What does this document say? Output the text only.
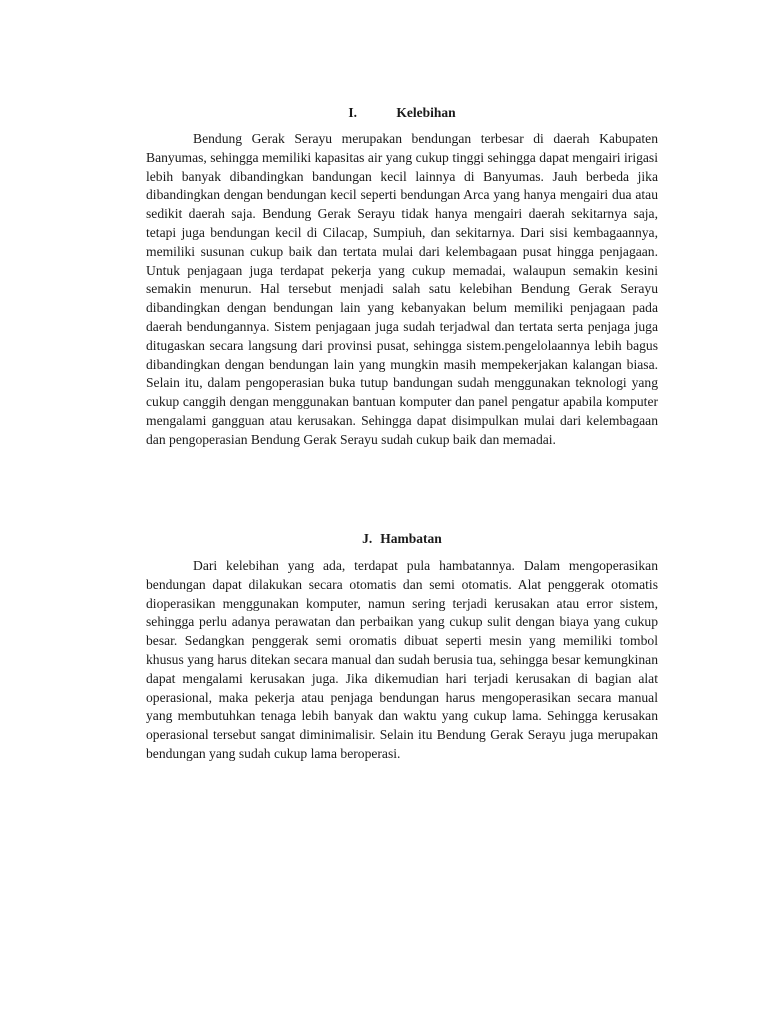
I.	Kelebihan

Bendung Gerak Serayu merupakan bendungan terbesar di daerah Kabupaten Banyumas, sehingga memiliki kapasitas air yang cukup tinggi sehingga dapat mengairi irigasi lebih banyak dibandingkan bandungan kecil lainnya di Banyumas. Jauh berbeda jika dibandingkan dengan bendungan kecil seperti bendungan Arca yang hanya mengairi dua atau sedikit daerah saja. Bendung Gerak Serayu tidak hanya mengairi daerah sekitarnya saja, tetapi juga bendungan kecil di Cilacap, Sumpiuh, dan sekitarnya. Dari sisi kembagaannya, memiliki susunan cukup baik dan tertata mulai dari kelembagaan pusat hingga penjagaan. Untuk penjagaan juga terdapat pekerja yang cukup memadai, walaupun semakin kesini semakin menurun. Hal tersebut menjadi salah satu kelebihan Bendung Gerak Serayu dibandingkan dengan bendungan lain yang kebanyakan belum memiliki penjagaan pada daerah bendungannya. Sistem penjagaan juga sudah terjadwal dan tertata serta penjaga juga ditugaskan secara langsung dari provinsi pusat, sehingga sistem.pengelolaannya lebih bagus dibandingkan dengan bendungan lain yang mungkin masih mempekerjakan kalangan biasa. Selain itu, dalam pengoperasian buka tutup bandungan sudah menggunakan teknologi yang cukup canggih dengan menggunakan bantuan komputer dan panel pengatur apabila komputer mengalami gangguan atau kerusakan. Sehingga dapat disimpulkan mulai dari kelembagaan dan pengoperasian Bendung Gerak Serayu sudah cukup baik dan memadai.

J. Hambatan

Dari kelebihan yang ada, terdapat pula hambatannya. Dalam mengoperasikan bendungan dapat dilakukan secara otomatis dan semi otomatis. Alat penggerak otomatis dioperasikan menggunakan komputer, namun sering terjadi kerusakan atau error sistem, sehingga perlu adanya perawatan dan perbaikan yang cukup sulit dengan biaya yang cukup besar. Sedangkan penggerak semi oromatis dibuat seperti mesin yang memiliki tombol khusus yang harus ditekan secara manual dan sudah berusia tua, sehingga besar kemungkinan dapat mengalami kerusakan juga. Jika dikemudian hari terjadi kerusakan di bagian alat operasional, maka pekerja atau penjaga bendungan harus mengoperasikan secara manual yang membutuhkan tenaga lebih banyak dan waktu yang cukup lama. Sehingga kerusakan operasional tersebut sangat diminimalisir. Selain itu Bendung Gerak Serayu juga merupakan bendungan yang sudah cukup lama beroperasi.
